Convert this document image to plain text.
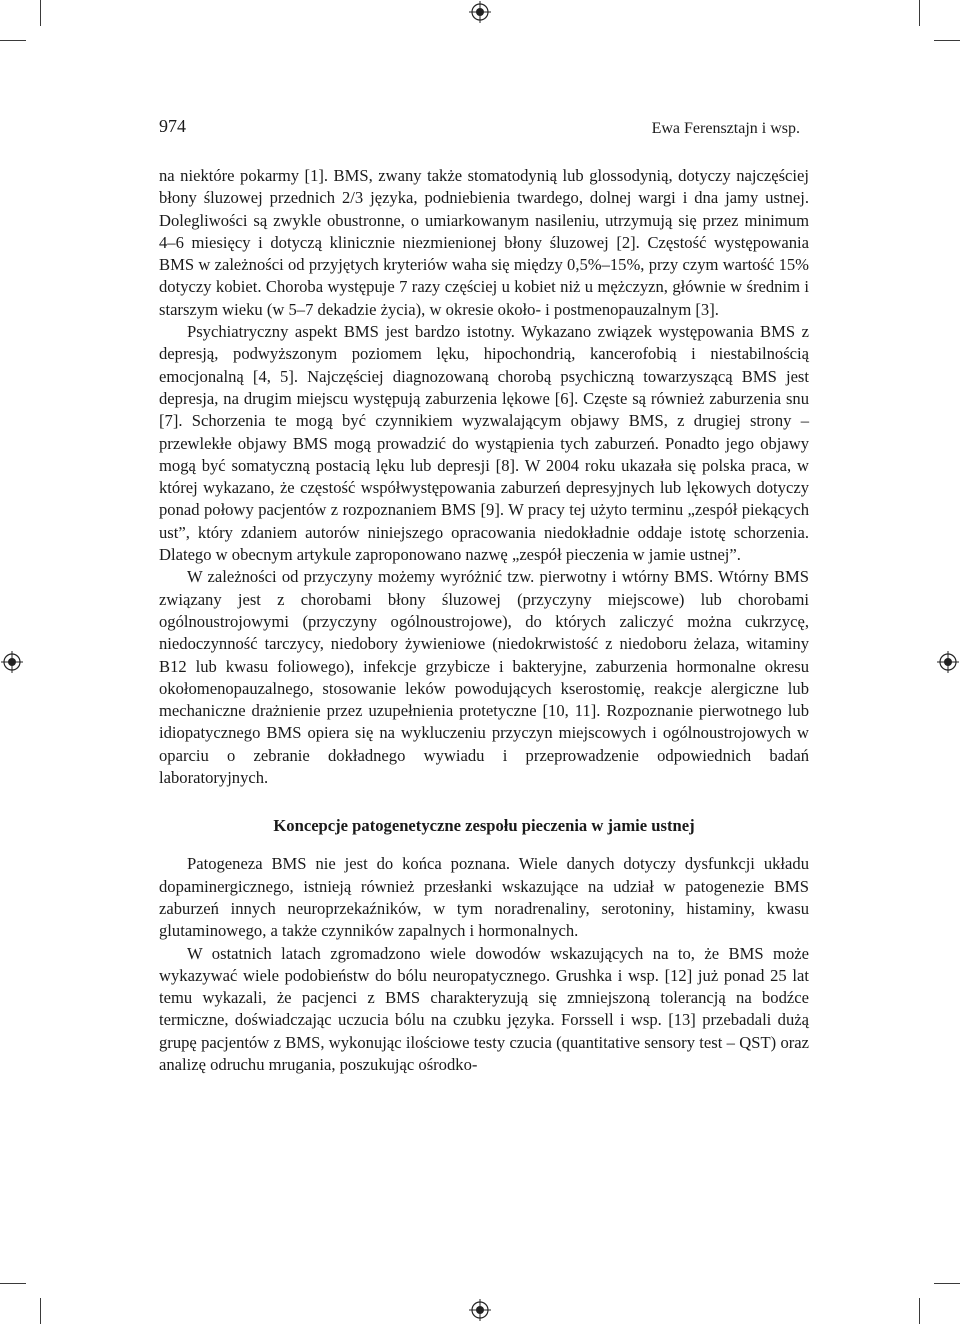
974	Ewa Ferensztajn i wsp.

na niektóre pokarmy [1]. BMS, zwany także stomatodynią lub glossodynią, dotyczy najczęściej błony śluzowej przednich 2/3 języka, podniebienia twardego, dolnej wargi i dna jamy ustnej. Dolegliwości są zwykle obustronne, o umiarkowanym nasileniu, utrzymują się przez minimum 4–6 miesięcy i dotyczą klinicznie niezmienionej błony śluzowej [2]. Częstość występowania BMS w zależności od przyjętych kryteriów waha się między 0,5%–15%, przy czym wartość 15% dotyczy kobiet. Choroba występuje 7 razy częściej u kobiet niż u mężczyzn, głównie w średnim i starszym wieku (w 5–7 dekadzie życia), w okresie około- i postmenopauzalnym [3].

Psychiatryczny aspekt BMS jest bardzo istotny. Wykazano związek występowania BMS z depresją, podwyższonym poziomem lęku, hipochondrią, kancerofobią i niestabilnością emocjonalną [4, 5]. Najczęściej diagnozowaną chorobą psychiczną towarzyszącą BMS jest depresja, na drugim miejscu występują zaburzenia lękowe [6]. Częste są również zaburzenia snu [7]. Schorzenia te mogą być czynnikiem wyzwalającym objawy BMS, z drugiej strony – przewlekłe objawy BMS mogą prowadzić do wystąpienia tych zaburzeń. Ponadto jego objawy mogą być somatyczną postacią lęku lub depresji [8]. W 2004 roku ukazała się polska praca, w której wykazano, że częstość współwystępowania zaburzeń depresyjnych lub lękowych dotyczy ponad połowy pacjentów z rozpoznaniem BMS [9]. W pracy tej użyto terminu „zespół piekących ust”, który zdaniem autorów niniejszego opracowania niedokładnie oddaje istotę schorzenia. Dlatego w obecnym artykule zaproponowano nazwę „zespół pieczenia w jamie ustnej”.

W zależności od przyczyny możemy wyróżnić tzw. pierwotny i wtórny BMS. Wtórny BMS związany jest z chorobami błony śluzowej (przyczyny miejscowe) lub chorobami ogólnoustrojowymi (przyczyny ogólnoustrojowe), do których zaliczyć można cukrzycę, niedoczynność tarczycy, niedobory żywieniowe (niedokrwistość z niedoboru żelaza, witaminy B12 lub kwasu foliowego), infekcje grzybicze i bakteryjne, zaburzenia hormonalne okresu okołomenopauzalnego, stosowanie leków powodujących kserostomię, reakcje alergiczne lub mechaniczne drażnienie przez uzupełnienia protetyczne [10, 11]. Rozpoznanie pierwotnego lub idiopatycznego BMS opiera się na wykluczeniu przyczyn miejscowych i ogólnoustrojowych w oparciu o zebranie dokładnego wywiadu i przeprowadzenie odpowiednich badań laboratoryjnych.

Koncepcje patogenetyczne zespołu pieczenia w jamie ustnej

Patogeneza BMS nie jest do końca poznana. Wiele danych dotyczy dysfunkcji układu dopaminergicznego, istnieją również przesłanki wskazujące na udział w patogenezie BMS zaburzeń innych neuroprzekaźników, w tym noradrenaliny, serotoniny, histaminy, kwasu glutaminowego, a także czynników zapalnych i hormonalnych.

W ostatnich latach zgromadzono wiele dowodów wskazujących na to, że BMS może wykazywać wiele podobieństw do bólu neuropatycznego. Grushka i wsp. [12] już ponad 25 lat temu wykazali, że pacjenci z BMS charakteryzują się zmniejszoną tolerancją na bodźce termiczne, doświadczając uczucia bólu na czubku języka. Forssell i wsp. [13] przebadali dużą grupę pacjentów z BMS, wykonując ilościowe testy czucia (quantitative sensory test – QST) oraz analizę odruchu mrugania, poszukując ośrodko-
